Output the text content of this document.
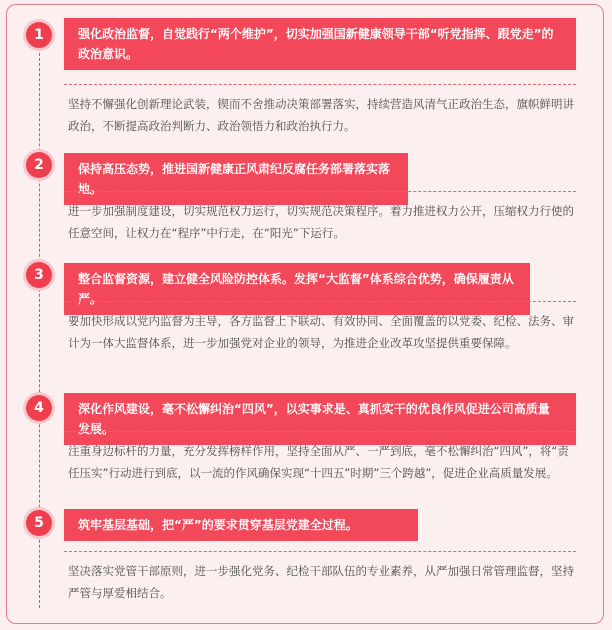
1	强化政治监督，自觉践行“两个维护”，切实加强国新健康领导干部“听党指挥、跟党走”的政治意识。
坚持不懈强化创新理论武装，锲而不舍推动决策部署落实，持续营造风清气正政治生态，旗帜鲜明讲政治，不断提高政治判断力、政治领悟力和政治执行力。
2	保持高压态势，推进国新健康正风肃纪反腐任务部署落实落地。
进一步加强制度建设，切实规范权力运行，切实规范决策程序。着力推进权力公开，压缩权力行使的任意空间，让权力在“程序”中行走，在“阳光”下运行。
3	整合监督资源，建立健全风险防控体系。发挥“大监督”体系综合优势，确保履责从严。
要加快形成以党内监督为主导，各方监督上下联动、有效协同、全面覆盖的以党委、纪检、法务、审计为一体大监督体系，进一步加强党对企业的领导，为推进企业改革攻坚提供重要保障。
4	深化作风建设，毫不松懈纠治“四风”，以实事求是、真抓实干的优良作风促进公司高质量发展。
注重身边标杆的力量，充分发挥榜样作用，坚持全面从严、一严到底，毫不松懈纠治“四风”，将“责任压实”行动进行到底，以一流的作风确保实现“十四五”时期”三个跨越”，促进企业高质量发展。
5	筑牢基层基础，把“严”的要求贯穿基层党建全过程。
坚决落实党管干部原则，进一步强化党务、纪检干部队伍的专业素养，从严加强日常管理监督，坚持严管与厚爱相结合。
